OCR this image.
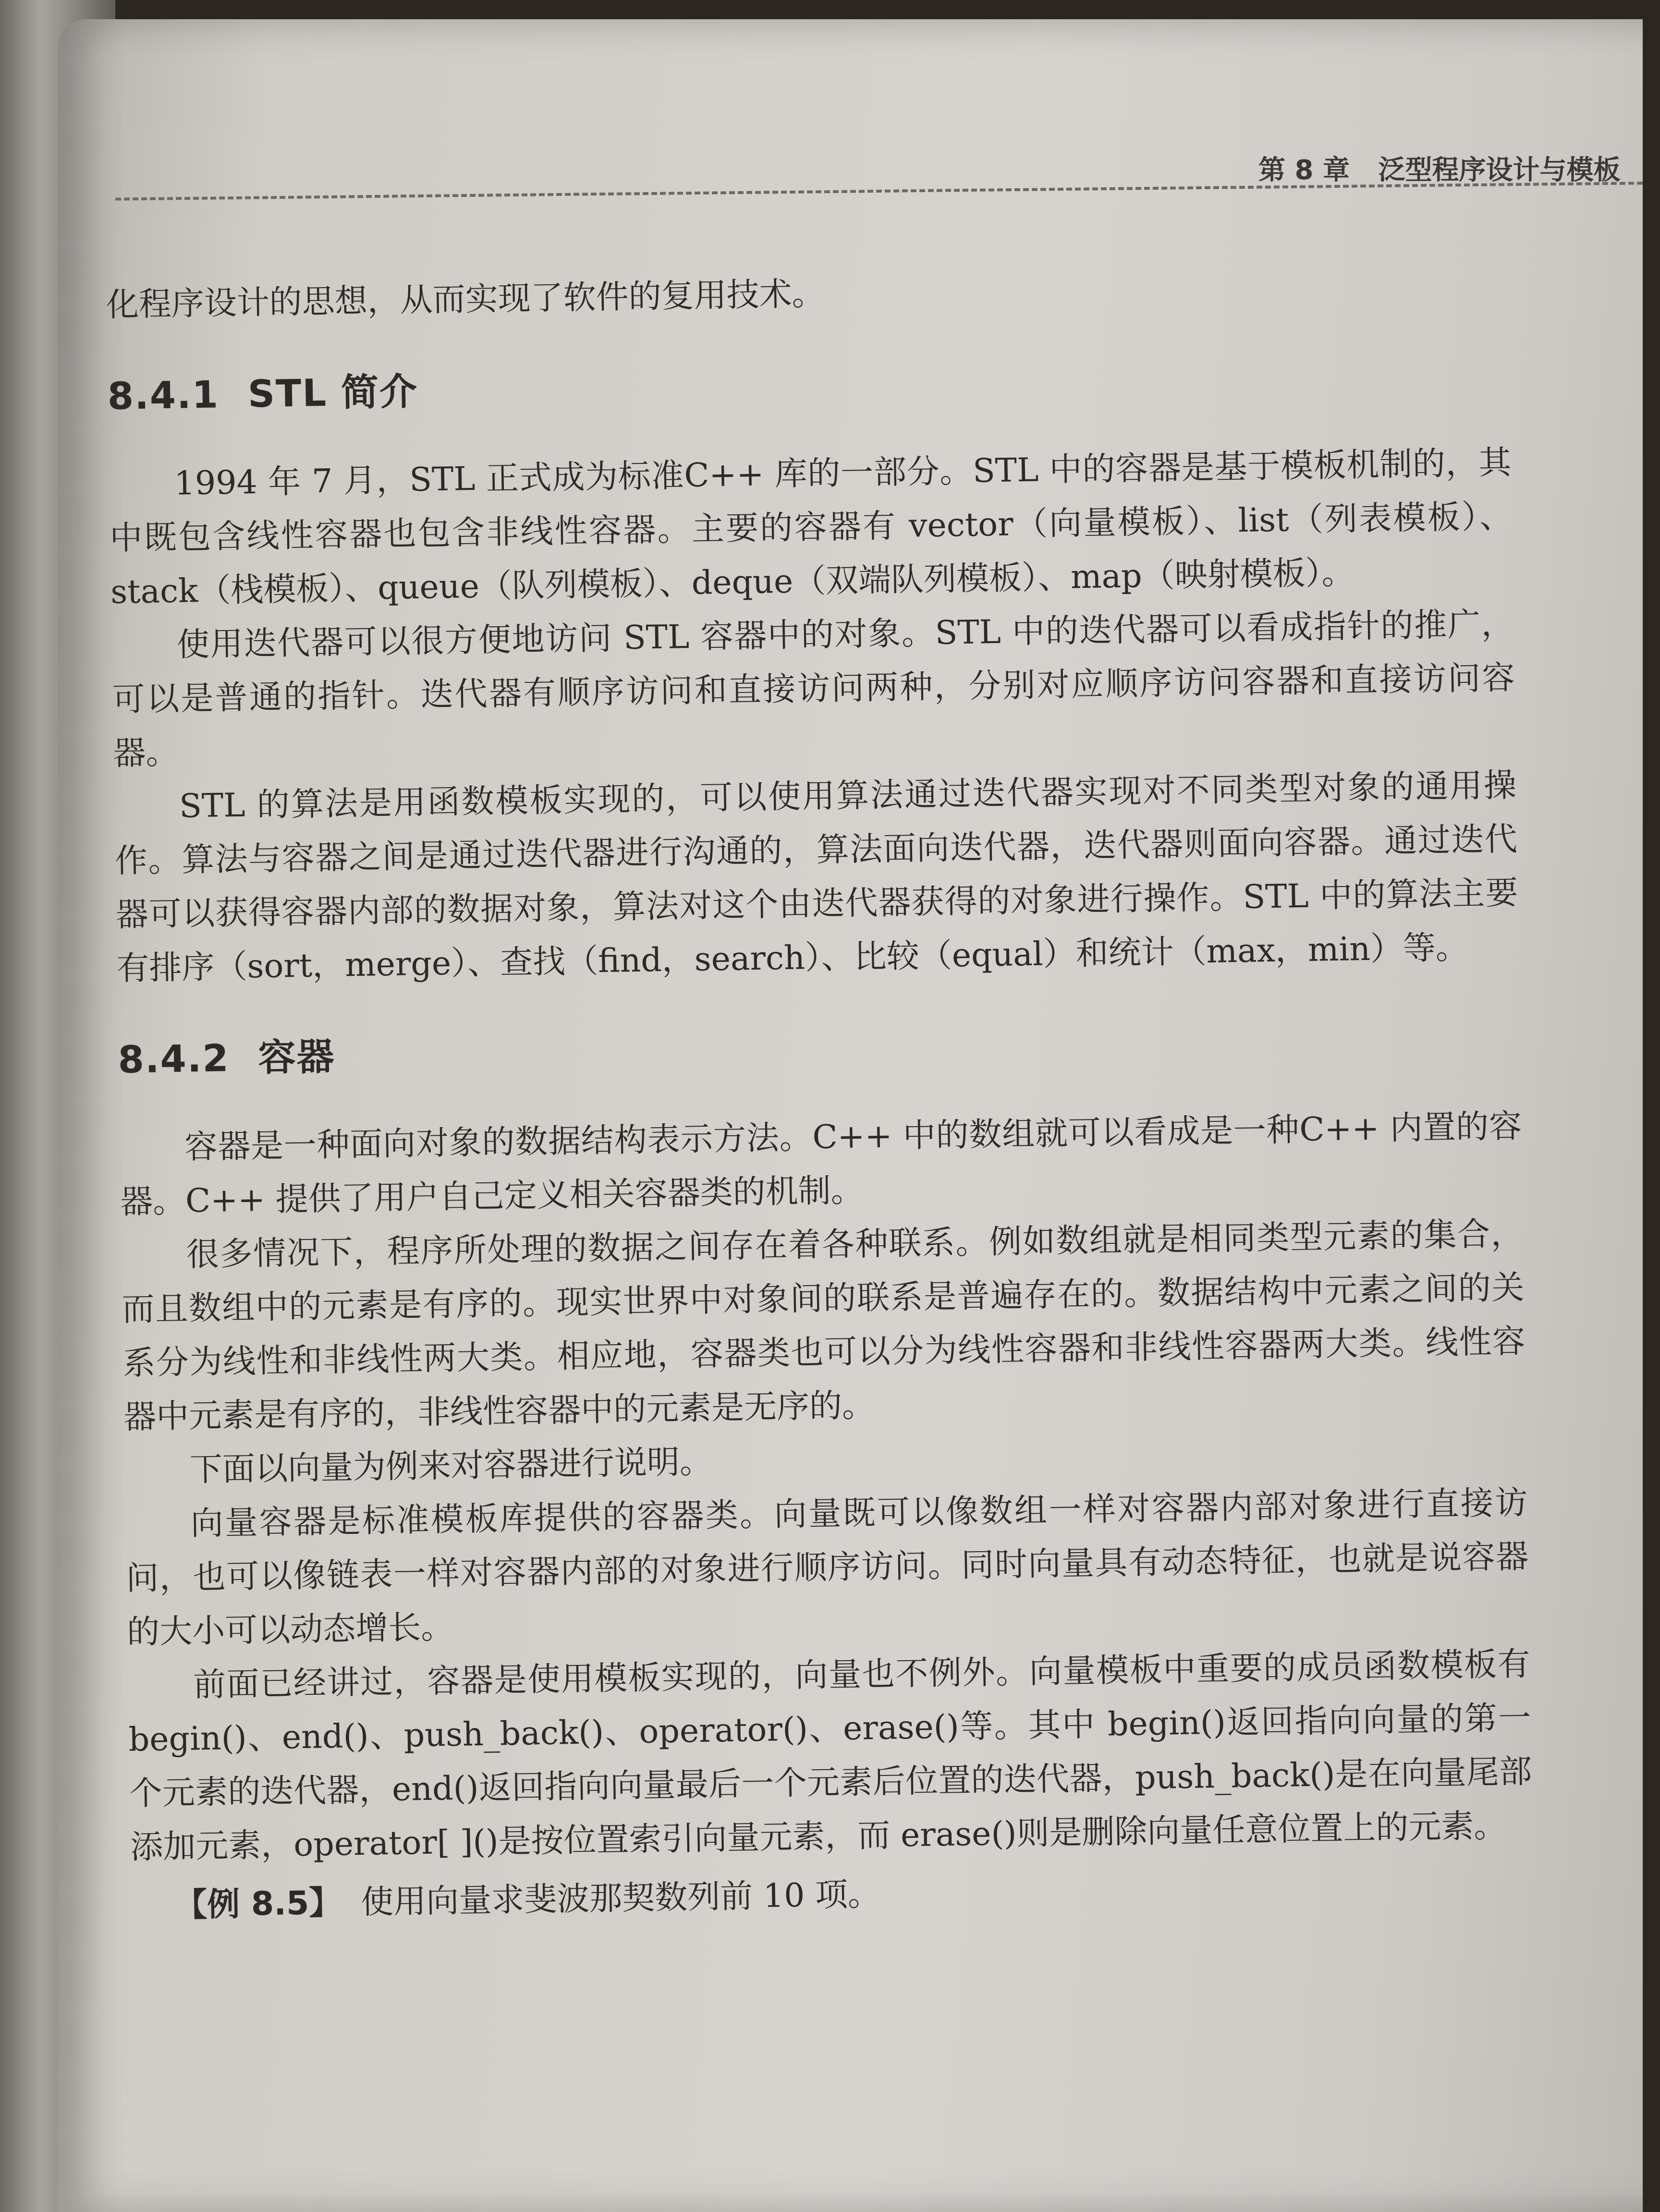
第 8 章 泛型程序设计与模板

化程序设计的思想，从而实现了软件的复用技术。

8.4.1 STL 简介

1994 年 7 月，STL 正式成为标准C++ 库的一部分。STL 中的容器是基于模板机制的，其中既包含线性容器也包含非线性容器。主要的容器有 vector（向量模板）、list（列表模板）、stack（栈模板）、queue（队列模板）、deque（双端队列模板）、map（映射模板）。

使用迭代器可以很方便地访问 STL 容器中的对象。STL 中的迭代器可以看成指针的推广，可以是普通的指针。迭代器有顺序访问和直接访问两种，分别对应顺序访问容器和直接访问容器。

STL 的算法是用函数模板实现的，可以使用算法通过迭代器实现对不同类型对象的通用操作。算法与容器之间是通过迭代器进行沟通的，算法面向迭代器，迭代器则面向容器。通过迭代器可以获得容器内部的数据对象，算法对这个由迭代器获得的对象进行操作。STL 中的算法主要有排序（sort，merge）、查找（find，search）、比较（equal）和统计（max，min）等。

8.4.2 容器

容器是一种面向对象的数据结构表示方法。C++ 中的数组就可以看成是一种C++ 内置的容器。C++ 提供了用户自己定义相关容器类的机制。

很多情况下，程序所处理的数据之间存在着各种联系。例如数组就是相同类型元素的集合，而且数组中的元素是有序的。现实世界中对象间的联系是普遍存在的。数据结构中元素之间的关系分为线性和非线性两大类。相应地，容器类也可以分为线性容器和非线性容器两大类。线性容器中元素是有序的，非线性容器中的元素是无序的。

下面以向量为例来对容器进行说明。

向量容器是标准模板库提供的容器类。向量既可以像数组一样对容器内部对象进行直接访问，也可以像链表一样对容器内部的对象进行顺序访问。同时向量具有动态特征，也就是说容器的大小可以动态增长。

前面已经讲过，容器是使用模板实现的，向量也不例外。向量模板中重要的成员函数模板有 begin()、end()、push_back()、operator()、erase()等。其中 begin()返回指向向量的第一个元素的迭代器，end()返回指向向量最后一个元素后位置的迭代器，push_back()是在向量尾部添加元素，operator[ ]()是按位置索引向量元素，而 erase()则是删除向量任意位置上的元素。

【例 8.5】 使用向量求斐波那契数列前 10 项。
